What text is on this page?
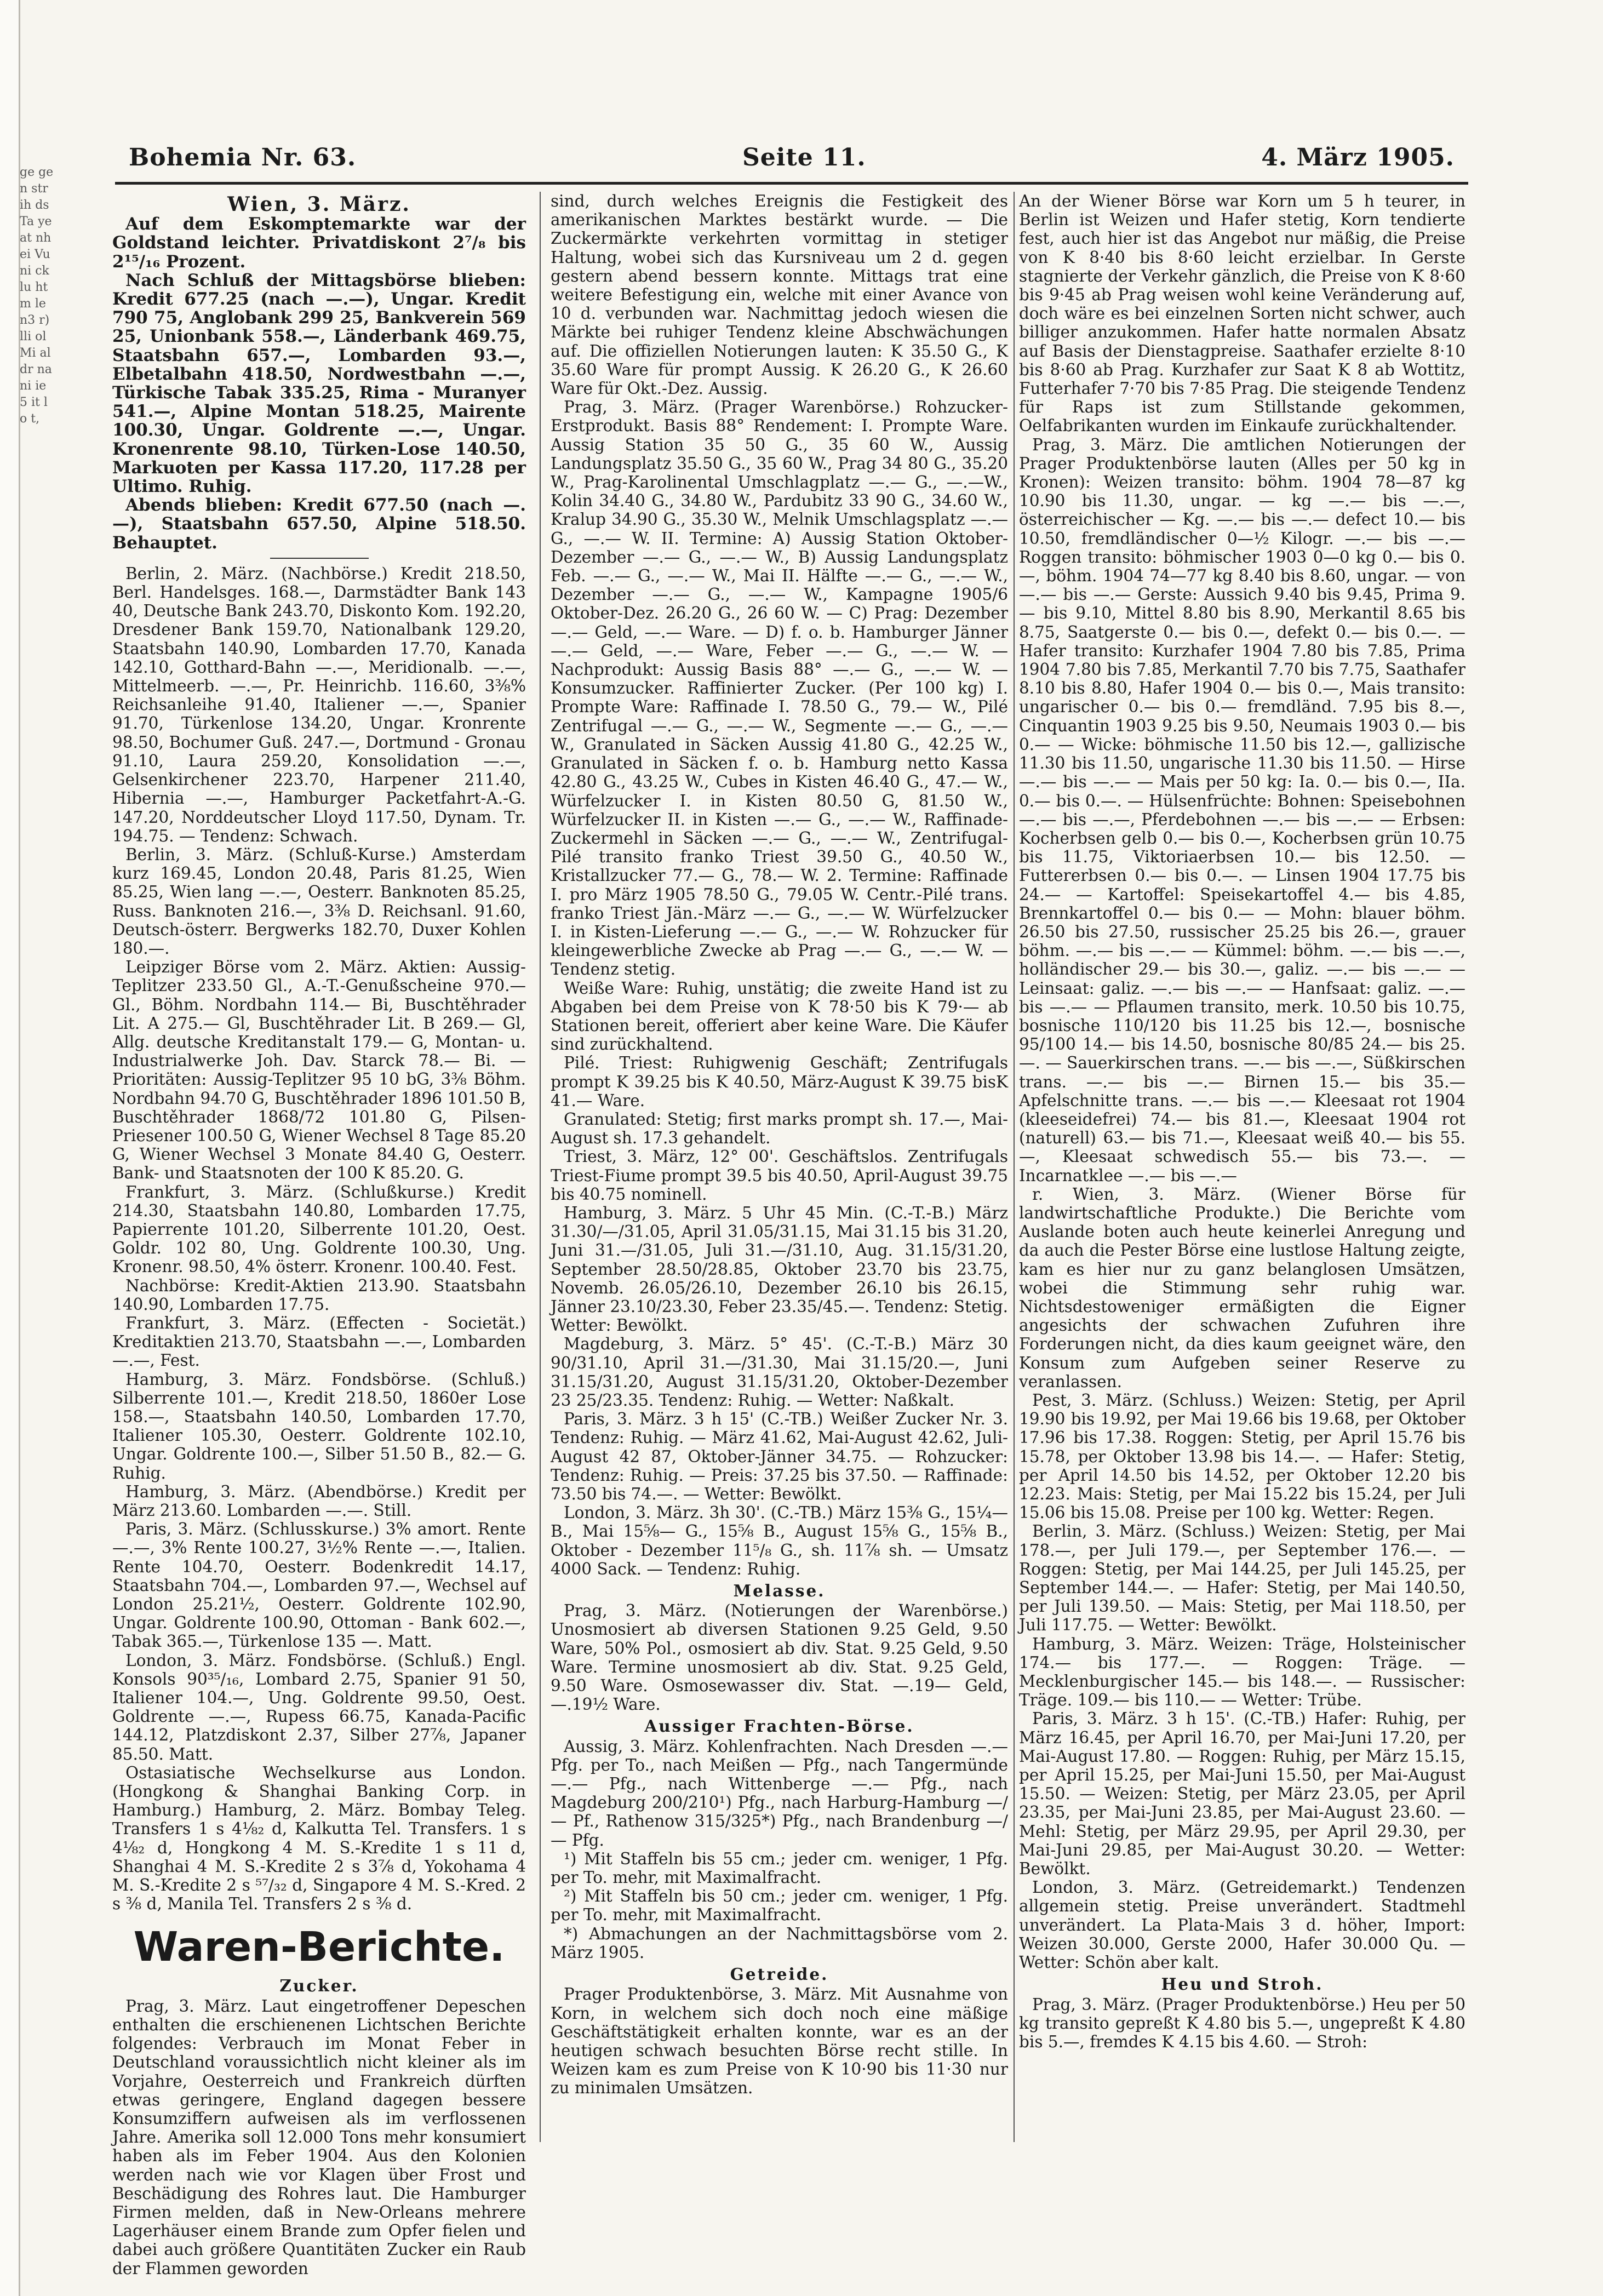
ge gen str ih ds Ta ye at nh ei Vu ni ck lu ht m le n3 r) lli ol Mi al dr na ni ie 5 it lo t,
Bohemia Nr. 63.	Seite 11.	4. März 1905.

Wien, 3. März.

Auf dem Eskomptemarkte war der Goldstand leichter. Privatdiskont 2⁷/₈ bis 2¹⁵/₁₆ Prozent.

Nach Schluß der Mittagsbörse blieben: Kredit 677.25 (nach —.—), Ungar. Kredit 790 75, Anglobank 299 25, Bankverein 569 25, Unionbank 558.—, Länderbank 469.75, Staatsbahn 657.—, Lombarden 93.—, Elbetalbahn 418.50, Nordwestbahn —.—, Türkische Tabak 335.25, Rima - Muranyer 541.—, Alpine Montan 518.25, Mairente 100.30, Ungar. Goldrente —.—, Ungar. Kronenrente 98.10, Türken-Lose 140.50, Markuoten per Kassa 117.20, 117.28 per Ultimo. Ruhig.

Abends blieben: Kredit 677.50 (nach —.—), Staatsbahn 657.50, Alpine 518.50. Behauptet.

Berlin, 2. März. (Nachbörse.) Kredit 218.50, Berl. Handelsges. 168.—, Darmstädter Bank 143 40, Deutsche Bank 243.70, Diskonto Kom. 192.20, Dresdener Bank 159.70, Nationalbank 129.20, Staatsbahn 140.90, Lombarden 17.70, Kanada 142.10, Gotthard-Bahn —.—, Meridionalb. —.—, Mittelmeerb. —.—, Pr. Heinrichb. 116.60, 3⅜% Reichsanleihe 91.40, Italiener —.—, Spanier 91.70, Türkenlose 134.20, Ungar. Kronrente 98.50, Bochumer Guß. 247.—, Dortmund - Gronau 91.10, Laura 259.20, Konsolidation —.—, Gelsenkirchener 223.70, Harpener 211.40, Hibernia —.—, Hamburger Packetfahrt-A.-G. 147.20, Norddeutscher Lloyd 117.50, Dynam. Tr. 194.75. — Tendenz: Schwach.

Berlin, 3. März. (Schluß-Kurse.) Amsterdam kurz 169.45, London 20.48, Paris 81.25, Wien 85.25, Wien lang —.—, Oesterr. Banknoten 85.25, Russ. Banknoten 216.—, 3⅜ D. Reichsanl. 91.60, Deutsch-österr. Bergwerks 182.70, Duxer Kohlen 180.—.

Leipziger Börse vom 2. März. Aktien: Aussig-Teplitzer 233.50 Gl., A.-T.-Genußscheine 970.— Gl., Böhm. Nordbahn 114.— Bi, Buschtěhrader Lit. A 275.— Gl, Buschtěhrader Lit. B 269.— Gl, Allg. deutsche Kreditanstalt 179.— G, Montan- u. Industrialwerke Joh. Dav. Starck 78.— Bi. — Prioritäten: Aussig-Teplitzer 95 10 bG, 3⅜ Böhm. Nordbahn 94.70 G, Buschtěhrader 1896 101.50 B, Buschtěhrader 1868/72 101.80 G, Pilsen-Priesener 100.50 G, Wiener Wechsel 8 Tage 85.20 G, Wiener Wechsel 3 Monate 84.40 G, Oesterr. Bank- und Staatsnoten der 100 K 85.20. G.

Frankfurt, 3. März. (Schlußkurse.) Kredit 214.30, Staatsbahn 140.80, Lombarden 17.75, Papierrente 101.20, Silberrente 101.20, Oest. Goldr. 102 80, Ung. Goldrente 100.30, Ung. Kronenr. 98.50, 4% österr. Kronenr. 100.40. Fest.

Nachbörse: Kredit-Aktien 213.90. Staatsbahn 140.90, Lombarden 17.75.

Frankfurt, 3. März. (Effecten - Societät.) Kreditaktien 213.70, Staatsbahn —.—, Lombarden —.—, Fest.

Hamburg, 3. März. Fondsbörse. (Schluß.) Silberrente 101.—, Kredit 218.50, 1860er Lose 158.—, Staatsbahn 140.50, Lombarden 17.70, Italiener 105.30, Oesterr. Goldrente 102.10, Ungar. Goldrente 100.—, Silber 51.50 B., 82.— G. Ruhig.

Hamburg, 3. März. (Abendbörse.) Kredit per März 213.60. Lombarden —.—. Still.

Paris, 3. März. (Schlusskurse.) 3% amort. Rente —.—, 3% Rente 100.27, 3½% Rente —.—, Italien. Rente 104.70, Oesterr. Bodenkredit 14.17, Staatsbahn 704.—, Lombarden 97.—, Wechsel auf London 25.21½, Oesterr. Goldrente 102.90, Ungar. Goldrente 100.90, Ottoman - Bank 602.—, Tabak 365.—, Türkenlose 135 —. Matt.

London, 3. März. Fondsbörse. (Schluß.) Engl. Konsols 90³⁵/₁₆, Lombard 2.75, Spanier 91 50, Italiener 104.—, Ung. Goldrente 99.50, Oest. Goldrente —.—, Rupess 66.75, Kanada-Pacific 144.12, Platzdiskont 2.37, Silber 27⅞, Japaner 85.50. Matt.

Ostasiatische Wechselkurse aus London. (Hongkong & Shanghai Banking Corp. in Hamburg.) Hamburg, 2. März. Bombay Teleg. Transfers 1 s 4⅛₂ d, Kalkutta Tel. Transfers. 1 s 4⅛₂ d, Hongkong 4 M. S.-Kredite 1 s 11 d, Shanghai 4 M. S.-Kredite 2 s 3⅞ d, Yokohama 4 M. S.-Kredite 2 s ⁵⁷/₃₂ d, Singapore 4 M. S.-Kred. 2 s ⅜ d, Manila Tel. Transfers 2 s ⅜ d.

Waren-Berichte.

Zucker.

Prag, 3. März. Laut eingetroffener Depeschen enthalten die erschienenen Lichtschen Berichte folgendes: Verbrauch im Monat Feber in Deutschland voraussichtlich nicht kleiner als im Vorjahre, Oesterreich und Frankreich dürften etwas geringere, England dagegen bessere Konsumziffern aufweisen als im verflossenen Jahre. Amerika soll 12.000 Tons mehr konsumiert haben als im Feber 1904. Aus den Kolonien werden nach wie vor Klagen über Frost und Beschädigung des Rohres laut. Die Hamburger Firmen melden, daß in New-Orleans mehrere Lagerhäuser einem Brande zum Opfer fielen und dabei auch größere Quantitäten Zucker ein Raub der Flammen geworden

sind, durch welches Ereignis die Festigkeit des amerikanischen Marktes bestärkt wurde. — Die Zuckermärkte verkehrten vormittag in stetiger Haltung, wobei sich das Kursniveau um 2 d. gegen gestern abend bessern konnte. Mittags trat eine weitere Befestigung ein, welche mit einer Avance von 10 d. verbunden war. Nachmittag jedoch wiesen die Märkte bei ruhiger Tendenz kleine Abschwächungen auf. Die offiziellen Notierungen lauten: K 35.50 G., K 35.60 Ware für prompt Aussig. K 26.20 G., K 26.60 Ware für Okt.-Dez. Aussig.

Prag, 3. März. (Prager Warenbörse.) Rohzucker-Erstprodukt. Basis 88° Rendement: I. Prompte Ware. Aussig Station 35 50 G., 35 60 W., Aussig Landungsplatz 35.50 G., 35 60 W., Prag 34 80 G., 35.20 W., Prag-Karolinental Umschlagplatz —.— G., —.—W., Kolin 34.40 G., 34.80 W., Pardubitz 33 90 G., 34.60 W., Kralup 34.90 G., 35.30 W., Melnik Umschlagsplatz —.— G., —.— W. II. Termine: A) Aussig Station Oktober-Dezember —.— G., —.— W., B) Aussig Landungsplatz Feb. —.— G., —.— W., Mai II. Hälfte —.— G., —.— W., Dezember —.— G., —.— W., Kampagne 1905/6 Oktober-Dez. 26.20 G., 26 60 W. — C) Prag: Dezember —.— Geld, —.— Ware. — D) f. o. b. Hamburger Jänner —.— Geld, —.— Ware, Feber —.— G., —.— W. — Nachprodukt: Aussig Basis 88° —.— G., —.— W. — Konsumzucker. Raffinierter Zucker. (Per 100 kg) I. Prompte Ware: Raffinade I. 78.50 G., 79.— W., Pilé Zentrifugal —.— G., —.— W., Segmente —.— G., —.— W., Granulated in Säcken Aussig 41.80 G., 42.25 W., Granulated in Säcken f. o. b. Hamburg netto Kassa 42.80 G., 43.25 W., Cubes in Kisten 46.40 G., 47.— W., Würfelzucker I. in Kisten 80.50 G, 81.50 W., Würfelzucker II. in Kisten —.— G., —.— W., Raffinade-Zuckermehl in Säcken —.— G., —.— W., Zentrifugal-Pilé transito franko Triest 39.50 G., 40.50 W., Kristallzucker 77.— G., 78.— W. 2. Termine: Raffinade I. pro März 1905 78.50 G., 79.05 W. Centr.-Pilé trans. franko Triest Jän.-März —.— G., —.— W. Würfelzucker I. in Kisten-Lieferung —.— G., —.— W. Rohzucker für kleingewerbliche Zwecke ab Prag —.— G., —.— W. — Tendenz stetig.

Weiße Ware: Ruhig, unstätig; die zweite Hand ist zu Abgaben bei dem Preise von K 78·50 bis K 79·— ab Stationen bereit, offeriert aber keine Ware. Die Käufer sind zurückhaltend.

Pilé. Triest: Ruhigwenig Geschäft; Zentrifugals prompt K 39.25 bis K 40.50, März-August K 39.75 bisK 41.— Ware.

Granulated: Stetig; first marks prompt sh. 17.—, Mai-August sh. 17.3 gehandelt.

Triest, 3. März, 12° 00'. Geschäftslos. Zentrifugals Triest-Fiume prompt 39.5 bis 40.50, April-August 39.75 bis 40.75 nominell.

Hamburg, 3. März. 5 Uhr 45 Min. (C.-T.-B.) März 31.30/—/31.05, April 31.05/31.15, Mai 31.15 bis 31.20, Juni 31.—/31.05, Juli 31.—/31.10, Aug. 31.15/31.20, September 28.50/28.85, Oktober 23.70 bis 23.75, Novemb. 26.05/26.10, Dezember 26.10 bis 26.15, Jänner 23.10/23.30, Feber 23.35/45.—. Tendenz: Stetig. Wetter: Bewölkt.

Magdeburg, 3. März. 5° 45'. (C.-T.-B.) März 30 90/31.10, April 31.—/31.30, Mai 31.15/20.—, Juni 31.15/31.20, August 31.15/31.20, Oktober-Dezember 23 25/23.35. Tendenz: Ruhig. — Wetter: Naßkalt.

Paris, 3. März. 3 h 15' (C.-TB.) Weißer Zucker Nr. 3. Tendenz: Ruhig. — März 41.62, Mai-August 42.62, Juli-August 42 87, Oktober-Jänner 34.75. — Rohzucker: Tendenz: Ruhig. — Preis: 37.25 bis 37.50. — Raffinade: 73.50 bis 74.—. — Wetter: Bewölkt.

London, 3. März. 3h 30'. (C.-TB.) März 15⅜ G., 15¼— B., Mai 15⅝— G., 15⅝ B., August 15⅝ G., 15⅝ B., Oktober - Dezember 11⁵/₈ G., sh. 11⅞ sh. — Umsatz 4000 Sack. — Tendenz: Ruhig.

Melasse.

Prag, 3. März. (Notierungen der Warenbörse.) Unosmosiert ab diversen Stationen 9.25 Geld, 9.50 Ware, 50% Pol., osmosiert ab div. Stat. 9.25 Geld, 9.50 Ware. Termine unosmosiert ab div. Stat. 9.25 Geld, 9.50 Ware. Osmosewasser div. Stat. —.19— Geld, —.19½ Ware.

Aussiger Frachten-Börse.

Aussig, 3. März. Kohlenfrachten. Nach Dresden —.— Pfg. per To., nach Meißen — Pfg., nach Tangermünde —.— Pfg., nach Wittenberge —.— Pfg., nach Magdeburg 200/210¹) Pfg., nach Harburg-Hamburg —/— Pf., Rathenow 315/325*) Pfg., nach Brandenburg —/— Pfg.

¹) Mit Staffeln bis 55 cm.; jeder cm. weniger, 1 Pfg. per To. mehr, mit Maximalfracht.

²) Mit Staffeln bis 50 cm.; jeder cm. weniger, 1 Pfg. per To. mehr, mit Maximalfracht.

*) Abmachungen an der Nachmittagsbörse vom 2. März 1905.

Getreide.

Prager Produktenbörse, 3. März. Mit Ausnahme von Korn, in welchem sich doch noch eine mäßige Geschäftstätigkeit erhalten konnte, war es an der heutigen schwach besuchten Börse recht stille. In Weizen kam es zum Preise von K 10·90 bis 11·30 nur zu minimalen Umsätzen.

An der Wiener Börse war Korn um 5 h teurer, in Berlin ist Weizen und Hafer stetig, Korn tendierte fest, auch hier ist das Angebot nur mäßig, die Preise von K 8·40 bis 8·60 leicht erzielbar. In Gerste stagnierte der Verkehr gänzlich, die Preise von K 8·60 bis 9·45 ab Prag weisen wohl keine Veränderung auf, doch wäre es bei einzelnen Sorten nicht schwer, auch billiger anzukommen. Hafer hatte normalen Absatz auf Basis der Dienstagpreise. Saathafer erzielte 8·10 bis 8·60 ab Prag. Kurzhafer zur Saat K 8 ab Wottitz, Futterhafer 7·70 bis 7·85 Prag. Die steigende Tendenz für Raps ist zum Stillstande gekommen, Oelfabrikanten wurden im Einkaufe zurückhaltender.

Prag, 3. März. Die amtlichen Notierungen der Prager Produktenbörse lauten (Alles per 50 kg in Kronen): Weizen transito: böhm. 1904 78—87 kg 10.90 bis 11.30, ungar. — kg —.— bis —.—, österreichischer — Kg. —.— bis —.— defect 10.— bis 10.50, fremdländischer 0—½ Kilogr. —.— bis —.— Roggen transito: böhmischer 1903 0—0 kg 0.— bis 0.—, böhm. 1904 74—77 kg 8.40 bis 8.60, ungar. — von —.— bis —.— Gerste: Aussich 9.40 bis 9.45, Prima 9.— bis 9.10, Mittel 8.80 bis 8.90, Merkantil 8.65 bis 8.75, Saatgerste 0.— bis 0.—, defekt 0.— bis 0.—. — Hafer transito: Kurzhafer 1904 7.80 bis 7.85, Prima 1904 7.80 bis 7.85, Merkantil 7.70 bis 7.75, Saathafer 8.10 bis 8.80, Hafer 1904 0.— bis 0.—, Mais transito: ungarischer 0.— bis 0.— fremdländ. 7.95 bis 8.—, Cinquantin 1903 9.25 bis 9.50, Neumais 1903 0.— bis 0.— — Wicke: böhmische 11.50 bis 12.—, gallizische 11.30 bis 11.50, ungarische 11.30 bis 11.50. — Hirse —.— bis —.— — Mais per 50 kg: Ia. 0.— bis 0.—, IIa. 0.— bis 0.—. — Hülsenfrüchte: Bohnen: Speisebohnen —.— bis —.—, Pferdebohnen —.— bis —.— — Erbsen: Kocherbsen gelb 0.— bis 0.—, Kocherbsen grün 10.75 bis 11.75, Viktoriaerbsen 10.— bis 12.50. — Futtererbsen 0.— bis 0.—. — Linsen 1904 17.75 bis 24.— — Kartoffel: Speisekartoffel 4.— bis 4.85, Brennkartoffel 0.— bis 0.— — Mohn: blauer böhm. 26.50 bis 27.50, russischer 25.25 bis 26.—, grauer böhm. —.— bis —.— — Kümmel: böhm. —.— bis —.—, holländischer 29.— bis 30.—, galiz. —.— bis —.— — Leinsaat: galiz. —.— bis —.— — Hanfsaat: galiz. —.— bis —.— — Pflaumen transito, merk. 10.50 bis 10.75, bosnische 110/120 bis 11.25 bis 12.—, bosnische 95/100 14.— bis 14.50, bosnische 80/85 24.— bis 25.—. — Sauerkirschen trans. —.— bis —.—, Süßkirschen trans. —.— bis —.— Birnen 15.— bis 35.— Apfelschnitte trans. —.— bis —.— Kleesaat rot 1904 (kleeseidefrei) 74.— bis 81.—, Kleesaat 1904 rot (naturell) 63.— bis 71.—, Kleesaat weiß 40.— bis 55.—, Kleesaat schwedisch 55.— bis 73.—. — Incarnatklee —.— bis —.—

r. Wien, 3. März. (Wiener Börse für landwirtschaftliche Produkte.) Die Berichte vom Auslande boten auch heute keinerlei Anregung und da auch die Pester Börse eine lustlose Haltung zeigte, kam es hier nur zu ganz belanglosen Umsätzen, wobei die Stimmung sehr ruhig war. Nichtsdestoweniger ermäßigten die Eigner angesichts der schwachen Zufuhren ihre Forderungen nicht, da dies kaum geeignet wäre, den Konsum zum Aufgeben seiner Reserve zu veranlassen.

Pest, 3. März. (Schluss.) Weizen: Stetig, per April 19.90 bis 19.92, per Mai 19.66 bis 19.68, per Oktober 17.96 bis 17.38. Roggen: Stetig, per April 15.76 bis 15.78, per Oktober 13.98 bis 14.—. — Hafer: Stetig, per April 14.50 bis 14.52, per Oktober 12.20 bis 12.23. Mais: Stetig, per Mai 15.22 bis 15.24, per Juli 15.06 bis 15.08. Preise per 100 kg. Wetter: Regen.

Berlin, 3. März. (Schluss.) Weizen: Stetig, per Mai 178.—, per Juli 179.—, per September 176.—. — Roggen: Stetig, per Mai 144.25, per Juli 145.25, per September 144.—. — Hafer: Stetig, per Mai 140.50, per Juli 139.50. — Mais: Stetig, per Mai 118.50, per Juli 117.75. — Wetter: Bewölkt.

Hamburg, 3. März. Weizen: Träge, Holsteinischer 174.— bis 177.—. — Roggen: Träge. — Mecklenburgischer 145.— bis 148.—. — Russischer: Träge. 109.— bis 110.— — Wetter: Trübe.

Paris, 3. März. 3 h 15'. (C.-TB.) Hafer: Ruhig, per März 16.45, per April 16.70, per Mai-Juni 17.20, per Mai-August 17.80. — Roggen: Ruhig, per März 15.15, per April 15.25, per Mai-Juni 15.50, per Mai-August 15.50. — Weizen: Stetig, per März 23.05, per April 23.35, per Mai-Juni 23.85, per Mai-August 23.60. — Mehl: Stetig, per März 29.95, per April 29.30, per Mai-Juni 29.85, per Mai-August 30.20. — Wetter: Bewölkt.

London, 3. März. (Getreidemarkt.) Tendenzen allgemein stetig. Preise unverändert. Stadtmehl unverändert. La Plata-Mais 3 d. höher, Import: Weizen 30.000, Gerste 2000, Hafer 30.000 Qu. — Wetter: Schön aber kalt.

Heu und Stroh.

Prag, 3. März. (Prager Produktenbörse.) Heu per 50 kg transito gepreßt K 4.80 bis 5.—, ungepreßt K 4.80 bis 5.—, fremdes K 4.15 bis 4.60. — Stroh:
